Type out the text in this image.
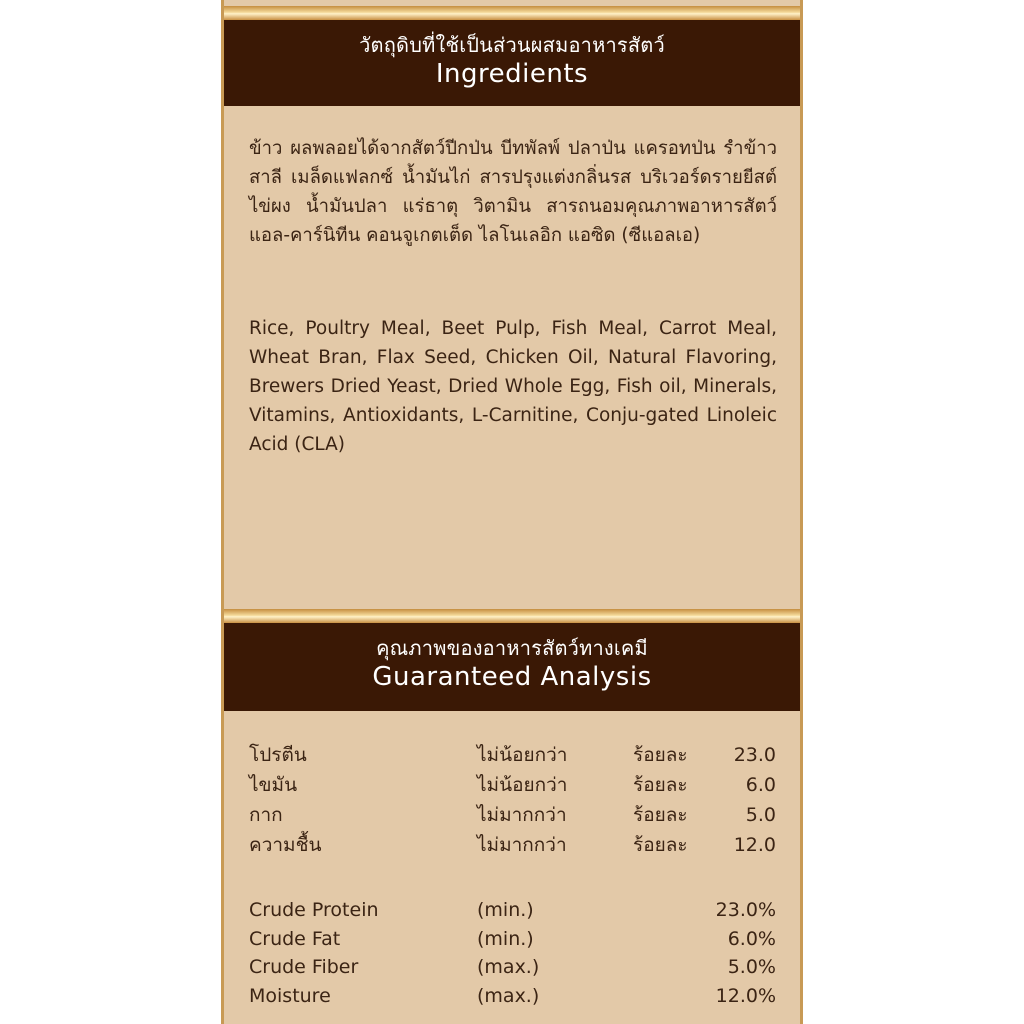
วัตถุดิบที่ใช้เป็นส่วนผสมอาหารสัตว์
Ingredients
ข้าว ผลพลอยได้จากสัตว์ปีกป่น บีทพัลพ์ ปลาป่น แครอทป่น รำข้าวสาลี เมล็ดแฟลกซ์ น้ำมันไก่ สารปรุงแต่งกลิ่นรส บริเวอร์ดรายยีสต์ ไข่ผง น้ำมันปลา แร่ธาตุ วิตามิน สารถนอมคุณภาพอาหารสัตว์ แอล-คาร์นิทีน คอนจูเกตเต็ด ไลโนเลอิก แอซิด (ซีแอลเอ)
Rice, Poultry Meal, Beet Pulp, Fish Meal, Carrot Meal, Wheat Bran, Flax Seed, Chicken Oil, Natural Flavoring, Brewers Dried Yeast, Dried Whole Egg, Fish oil, Minerals, Vitamins, Antioxidants, L-Carnitine, Conju-gated Linoleic Acid (CLA)
คุณภาพของอาหารสัตว์ทางเคมี
Guaranteed Analysis
โปรตีน	ไม่น้อยกว่า	ร้อยละ	23.0
ไขมัน	ไม่น้อยกว่า	ร้อยละ	6.0
กาก	ไม่มากกว่า	ร้อยละ	5.0
ความชื้น	ไม่มากกว่า	ร้อยละ	12.0
Crude Protein	(min.)	23.0%
Crude Fat	(min.)	6.0%
Crude Fiber	(max.)	5.0%
Moisture	(max.)	12.0%
